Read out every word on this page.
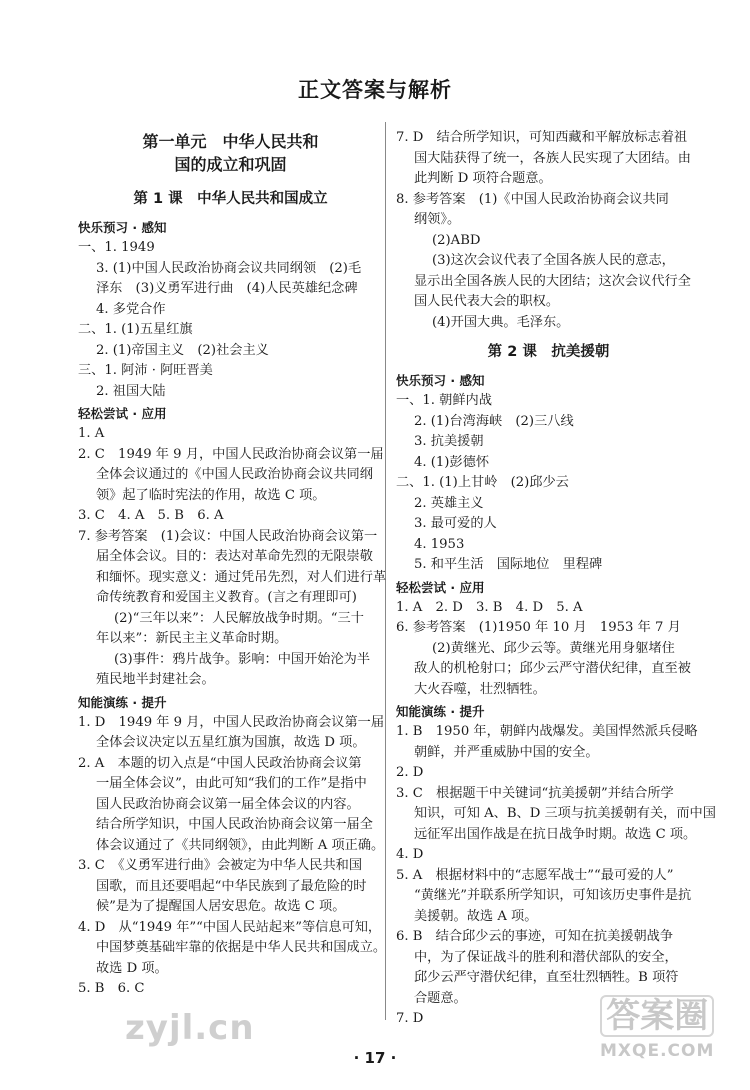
正文答案与解析
第一单元　中华人民共和
国的成立和巩固
第 1 课　中华人民共和国成立
快乐预习 · 感知
一、1. 1949
3. (1)中国人民政治协商会议共同纲领　(2)毛
泽东　(3)义勇军进行曲　(4)人民英雄纪念碑
4. 多党合作
二、1. (1)五星红旗
2. (1)帝国主义　(2)社会主义
三、1. 阿沛 · 阿旺晋美
2. 祖国大陆
轻松尝试 · 应用
1. A
2. C　1949 年 9 月，中国人民政治协商会议第一届
全体会议通过的《中国人民政治协商会议共同纲
领》起了临时宪法的作用，故选 C 项。
3. C　4. A　5. B　6. A
7. 参考答案　(1)会议：中国人民政治协商会议第一
届全体会议。目的：表达对革命先烈的无限崇敬
和缅怀。现实意义：通过凭吊先烈，对人们进行革
命传统教育和爱国主义教育。(言之有理即可)
(2)“三年以来”：人民解放战争时期。“三十
年以来”：新民主主义革命时期。
(3)事件：鸦片战争。影响：中国开始沦为半
殖民地半封建社会。
知能演练 · 提升
1. D　1949 年 9 月，中国人民政治协商会议第一届
全体会议决定以五星红旗为国旗，故选 D 项。
2. A　本题的切入点是“中国人民政治协商会议第
一届全体会议”，由此可知“我们的工作”是指中
国人民政治协商会议第一届全体会议的内容。
结合所学知识，中国人民政治协商会议第一届全
体会议通过了《共同纲领》，由此判断 A 项正确。
3. C　《义勇军进行曲》会被定为中华人民共和国
国歌，而且还要唱起“中华民族到了最危险的时
候”是为了提醒国人居安思危。故选 C 项。
4. D　从“1949 年”“中国人民站起来”等信息可知，
中国梦奠基础牢靠的依据是中华人民共和国成立。
故选 D 项。
5. B　6. C
7. D　结合所学知识，可知西藏和平解放标志着祖
国大陆获得了统一，各族人民实现了大团结。由
此判断 D 项符合题意。
8. 参考答案　(1)《中国人民政治协商会议共同
纲领》。
(2)ABD
(3)这次会议代表了全国各族人民的意志，
显示出全国各族人民的大团结；这次会议代行全
国人民代表大会的职权。
(4)开国大典。毛泽东。
第 2 课　抗美援朝
快乐预习 · 感知
一、1. 朝鲜内战
2. (1)台湾海峡　(2)三八线
3. 抗美援朝
4. (1)彭德怀
二、1. (1)上甘岭　(2)邱少云
2. 英雄主义
3. 最可爱的人
4. 1953
5. 和平生活　国际地位　里程碑
轻松尝试 · 应用
1. A　2. D　3. B　4. D　5. A
6. 参考答案　(1)1950 年 10 月　1953 年 7 月
(2)黄继光、邱少云等。黄继光用身躯堵住
敌人的机枪射口；邱少云严守潜伏纪律，直至被
大火吞噬，壮烈牺牲。
知能演练 · 提升
1. B　1950 年，朝鲜内战爆发。美国悍然派兵侵略
朝鲜，并严重威胁中国的安全。
2. D
3. C　根据题干中关键词“抗美援朝”并结合所学
知识，可知 A、B、D 三项与抗美援朝有关，而中国
远征军出国作战是在抗日战争时期。故选 C 项。
4. D
5. A　根据材料中的“志愿军战士”“最可爱的人”
“黄继光”并联系所学知识，可知该历史事件是抗
美援朝。故选 A 项。
6. B　结合邱少云的事迹，可知在抗美援朝战争
中，为了保证战斗的胜利和潜伏部队的安全，
邱少云严守潜伏纪律，直至壮烈牺牲。B 项符
合题意。
7. D
· 17 ·
zyjl.cn	答案圈
MXQE.COM
